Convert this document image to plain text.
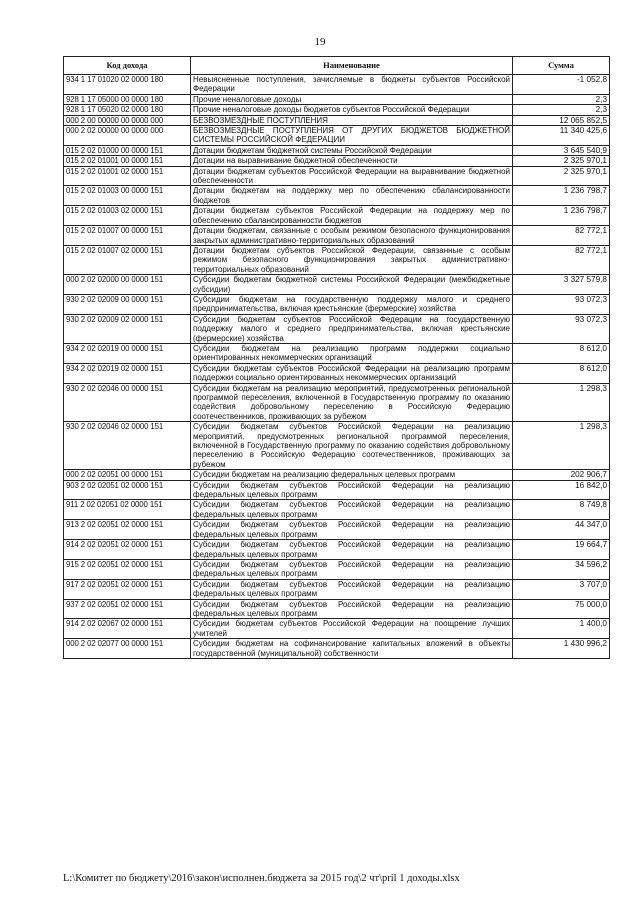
19
Код дохода	Наименование	Сумма
934 1 17 01020 02 0000 180	Невыясненные поступления, зачисляемые в бюджеты субъектов Российской Федерации	-1 052,8
928 1 17 05000 00 0000 180	Прочие неналоговые доходы	2,3
928 1 17 05020 02 0000 180	Прочие неналоговые доходы бюджетов субъектов Российской Федерации	2,3
000 2 00 00000 00 0000 000	БЕЗВОЗМЕЗДНЫЕ ПОСТУПЛЕНИЯ	12 065 852,5
000 2 02 00000 00 0000 000	БЕЗВОЗМЕЗДНЫЕ ПОСТУПЛЕНИЯ ОТ ДРУГИХ БЮДЖЕТОВ БЮДЖЕТНОЙ СИСТЕМЫ РОССИЙСКОЙ ФЕДЕРАЦИИ	11 340 425,6
015 2 02 01000 00 0000 151	Дотации бюджетам бюджетной системы Российской Федерации	3 645 540,9
015 2 02 01001 00 0000 151	Дотации на выравнивание бюджетной обеспеченности	2 325 970,1
015 2 02 01001 02 0000 151	Дотации бюджетам субъектов Российской Федерации на выравнивание бюджетной обеспеченности	2 325 970,1
015 2 02 01003 00 0000 151	Дотации бюджетам на поддержку мер по обеспечению сбалансированности бюджетов	1 236 798,7
015 2 02 01003 02 0000 151	Дотации бюджетам субъектов Российской Федерации на поддержку мер по обеспечению сбалансированности бюджетов	1 236 798,7
015 2 02 01007 00 0000 151	Дотации бюджетам, связанные с особым режимом безопасного функционирования закрытых административно-территориальных образований	82 772,1
015 2 02 01007 02 0000 151	Дотации бюджетам субъектов Российской Федерации, связанные с особым режимом безопасного функционирования закрытых административно-территориальных образований	82 772,1
000 2 02 02000 00 0000 151	Субсидии бюджетам бюджетной системы Российской Федерации (межбюджетные субсидии)	3 327 579,8
930 2 02 02009 00 0000 151	Субсидии бюджетам на государственную поддержку малого и среднего предпринимательства, включая крестьянские (фермерские) хозяйства	93 072,3
930 2 02 02009 02 0000 151	Субсидии бюджетам субъектов Российской Федерации на государственную поддержку малого и среднего предпринимательства, включая крестьянские (фермерские) хозяйства	93 072,3
934 2 02 02019 00 0000 151	Субсидии бюджетам на реализацию программ поддержки социально ориентированных некоммерческих организаций	8 612,0
934 2 02 02019 02 0000 151	Субсидии бюджетам субъектов Российской Федерации на реализацию программ поддержки социально ориентированных некоммерческих организаций	8 612,0
930 2 02 02046 00 0000 151	Субсидии бюджетам на реализацию мероприятий, предусмотренных региональной программой переселения, включенной в Государственную программу по оказанию содействия добровольному переселению в Российскую Федерацию соотечественников, проживающих за рубежом	1 298,3
930 2 02 02046 02 0000 151	Субсидии бюджетам субъектов Российской Федерации на реализацию мероприятий, предусмотренных региональной программой переселения, включенной в Государственную программу по оказанию содействия добровольному переселению в Российскую Федерацию соотечественников, проживающих за рубежом	1 298,3
000 2 02 02051 00 0000 151	Субсидии бюджетам на реализацию федеральных целевых программ	202 906,7
903 2 02 02051 02 0000 151	Субсидии бюджетам субъектов Российской Федерации на реализацию федеральных целевых программ	16 842,0
911 2 02 02051 02 0000 151	Субсидии бюджетам субъектов Российской Федерации на реализацию федеральных целевых программ	8 749,8
913 2 02 02051 02 0000 151	Субсидии бюджетам субъектов Российской Федерации на реализацию федеральных целевых программ	44 347,0
914 2 02 02051 02 0000 151	Субсидии бюджетам субъектов Российской Федерации на реализацию федеральных целевых программ	19 664,7
915 2 02 02051 02 0000 151	Субсидии бюджетам субъектов Российской Федерации на реализацию федеральных целевых программ	34 596,2
917 2 02 02051 02 0000 151	Субсидии бюджетам субъектов Российской Федерации на реализацию федеральных целевых программ	3 707,0
937 2 02 02051 02 0000 151	Субсидии бюджетам субъектов Российской Федерации на реализацию федеральных целевых программ	75 000,0
914 2 02 02067 02 0000 151	Субсидии бюджетам субъектов Российской Федерации на поощрение лучших учителей	1 400,0
000 2 02 02077 00 0000 151	Субсидии бюджетам на софинансирование капитальных вложений в объекты государственной (муниципальной) собственности	1 430 996,2
L:\Комитет по бюджету\2016\закон\исполнен.бюджета за 2015 год\2 чт\pril 1 доходы.xlsx
